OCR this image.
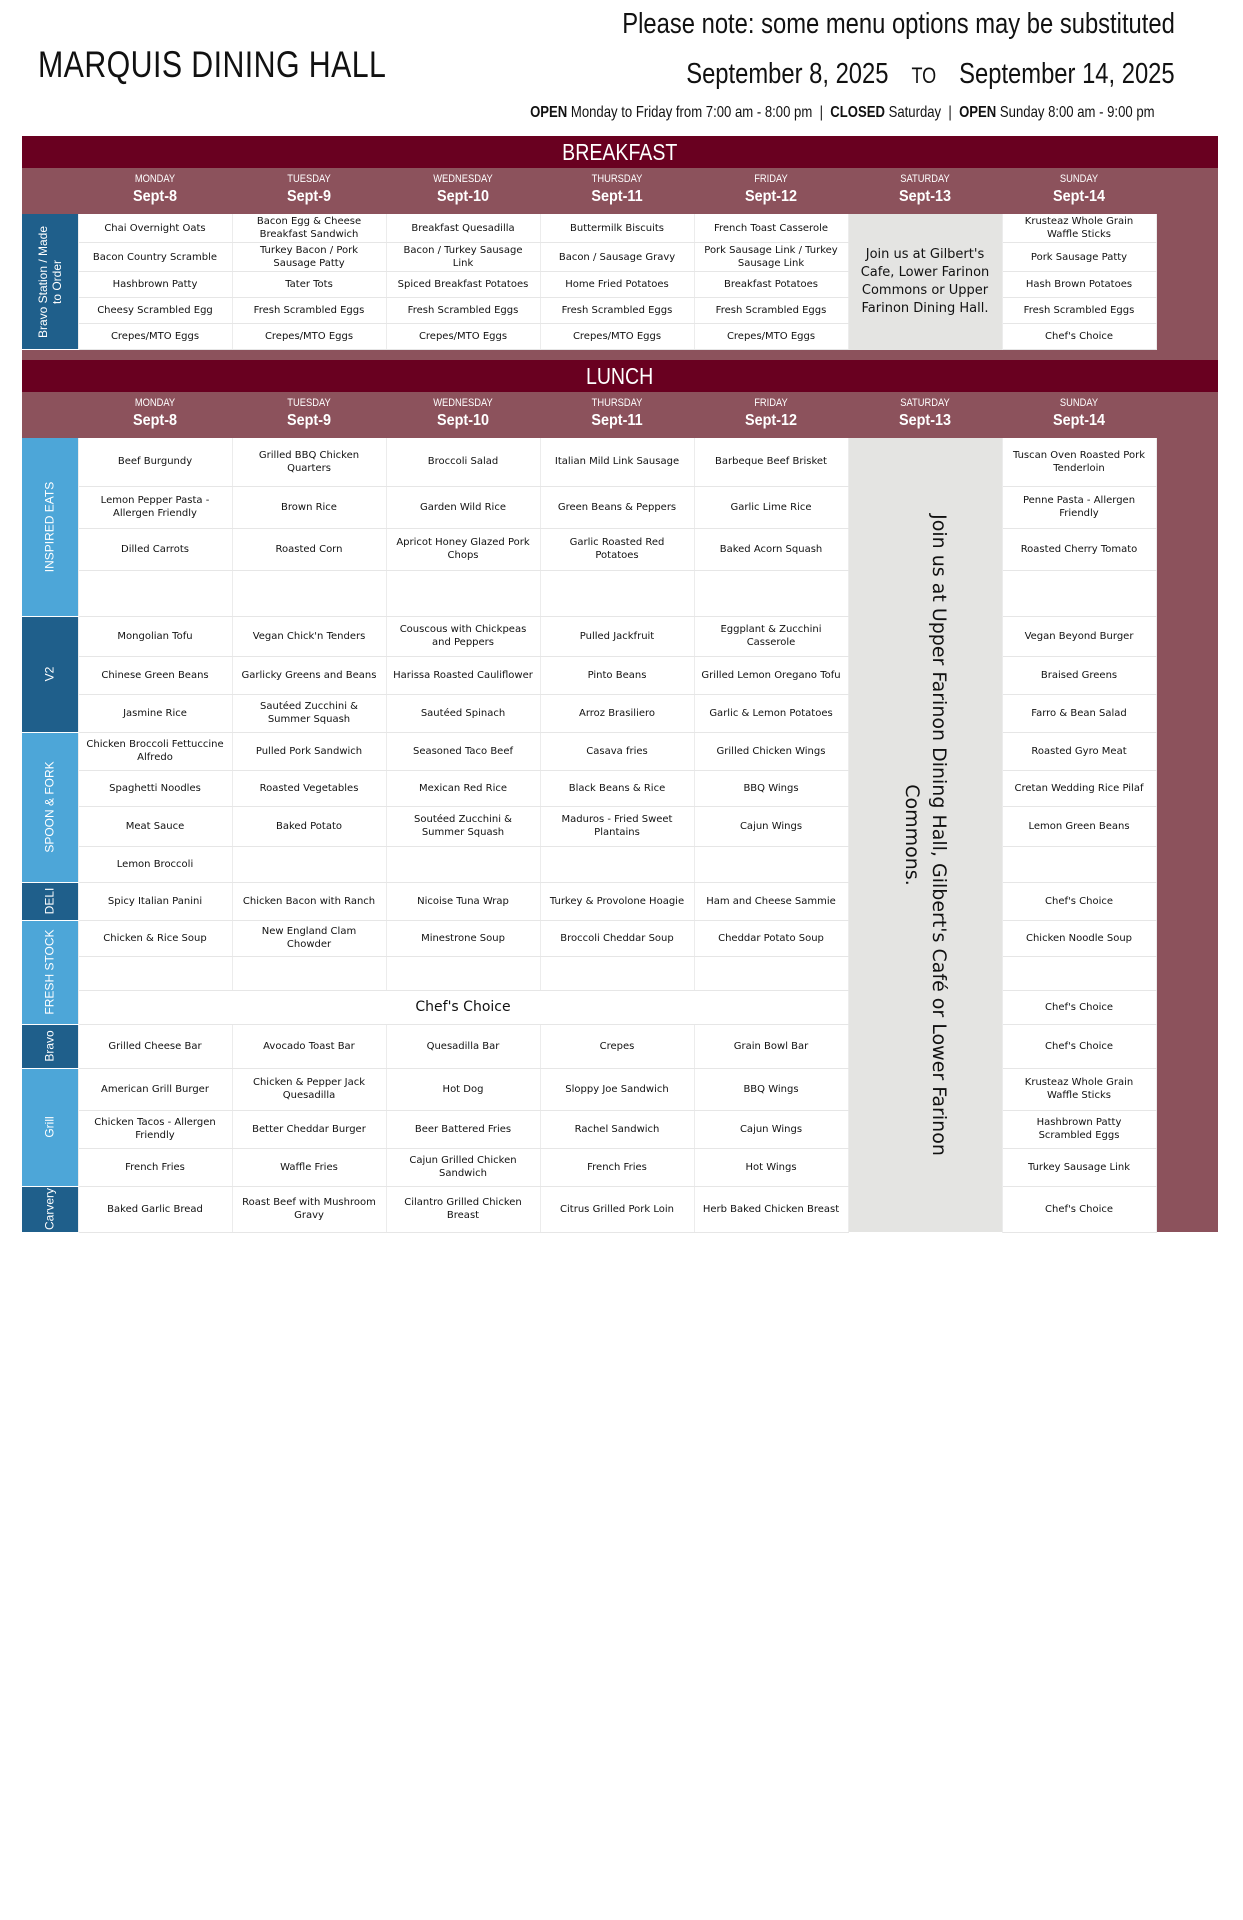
MARQUIS DINING HALL
Please note: some menu options may be substituted
September 8, 2025 TO September 14, 2025
OPEN Monday to Friday from 7:00 am - 8:00 pm | CLOSED Saturday | OPEN Sunday 8:00 am - 9:00 pm
BREAKFAST
MONDAY
Sept-8
TUESDAY
Sept-9
WEDNESDAY
Sept-10
THURSDAY
Sept-11
FRIDAY
Sept-12
SATURDAY
Sept-13
SUNDAY
Sept-14
Bravo Station / Made to Order	Chai Overnight Oats	Bacon Egg & Cheese Breakfast Sandwich	Breakfast Quesadilla	Buttermilk Biscuits	French Toast Casserole	Join us at Gilbert's Cafe, Lower Farinon Commons or Upper Farinon Dining Hall.	Krusteaz Whole Grain Waffle Sticks
	Bacon Country Scramble	Turkey Bacon / Pork Sausage Patty	Bacon / Turkey Sausage Link	Bacon / Sausage Gravy	Pork Sausage Link / Turkey Sausage Link		Pork Sausage Patty
	Hashbrown Patty	Tater Tots	Spiced Breakfast Potatoes	Home Fried Potatoes	Breakfast Potatoes		Hash Brown Potatoes
	Cheesy Scrambled Egg	Fresh Scrambled Eggs	Fresh Scrambled Eggs	Fresh Scrambled Eggs	Fresh Scrambled Eggs		Fresh Scrambled Eggs
	Crepes/MTO Eggs	Crepes/MTO Eggs	Crepes/MTO Eggs	Crepes/MTO Eggs	Crepes/MTO Eggs		Chef's Choice
LUNCH
MONDAY
Sept-8
TUESDAY
Sept-9
WEDNESDAY
Sept-10
THURSDAY
Sept-11
FRIDAY
Sept-12
SATURDAY
Sept-13
SUNDAY
Sept-14
INSPIRED EATS	Beef Burgundy	Grilled BBQ Chicken Quarters	Broccoli Salad	Italian Mild Link Sausage	Barbeque Beef Brisket	Join us at Upper Farinon Dining Hall, Gilbert's Café or Lower Farinon Commons.	Tuscan Oven Roasted Pork Tenderloin
	Lemon Pepper Pasta - Allergen Friendly	Brown Rice	Garden Wild Rice	Green Beans & Peppers	Garlic Lime Rice		Penne Pasta - Allergen Friendly
	Dilled Carrots	Roasted Corn	Apricot Honey Glazed Pork Chops	Garlic Roasted Red Potatoes	Baked Acorn Squash		Roasted Cherry Tomato

V2	Mongolian Tofu	Vegan Chick'n Tenders	Couscous with Chickpeas and Peppers	Pulled Jackfruit	Eggplant & Zucchini Casserole		Vegan Beyond Burger
	Chinese Green Beans	Garlicky Greens and Beans	Harissa Roasted Cauliflower	Pinto Beans	Grilled Lemon Oregano Tofu		Braised Greens
	Jasmine Rice	Sautéed Zucchini & Summer Squash	Sautéed Spinach	Arroz Brasiliero	Garlic & Lemon Potatoes		Farro & Bean Salad

SPOON & FORK	Chicken Broccoli Fettuccine Alfredo	Pulled Pork Sandwich	Seasoned Taco Beef	Casava fries	Grilled Chicken Wings		Roasted Gyro Meat
	Spaghetti Noodles	Roasted Vegetables	Mexican Red Rice	Black Beans & Rice	BBQ Wings		Cretan Wedding Rice Pilaf
	Meat Sauce	Baked Potato	Soutéed Zucchini & Summer Squash	Maduros - Fried Sweet Plantains	Cajun Wings		Lemon Green Beans
	Lemon Broccoli						

DELI	Spicy Italian Panini	Chicken Bacon with Ranch	Nicoise Tuna Wrap	Turkey & Provolone Hoagie	Ham and Cheese Sammie		Chef's Choice

FRESH STOCK	Chicken & Rice Soup	New England Clam Chowder	Minestrone Soup	Broccoli Cheddar Soup	Cheddar Potato Soup		Chicken Noodle Soup

	Chef's Choice						Chef's Choice

Bravo	Grilled Cheese Bar	Avocado Toast Bar	Quesadilla Bar	Crepes	Grain Bowl Bar		Chef's Choice

Grill	American Grill Burger	Chicken & Pepper Jack Quesadilla	Hot Dog	Sloppy Joe Sandwich	BBQ Wings		Krusteaz Whole Grain Waffle Sticks
	Chicken Tacos - Allergen Friendly	Better Cheddar Burger	Beer Battered Fries	Rachel Sandwich	Cajun Wings		Hashbrown Patty Scrambled Eggs
	French Fries	Waffle Fries	Cajun Grilled Chicken Sandwich	French Fries	Hot Wings		Turkey Sausage Link

Carvery	Baked Garlic Bread	Roast Beef with Mushroom Gravy	Cilantro Grilled Chicken Breast	Citrus Grilled Pork Loin	Herb Baked Chicken Breast		Chef's Choice
